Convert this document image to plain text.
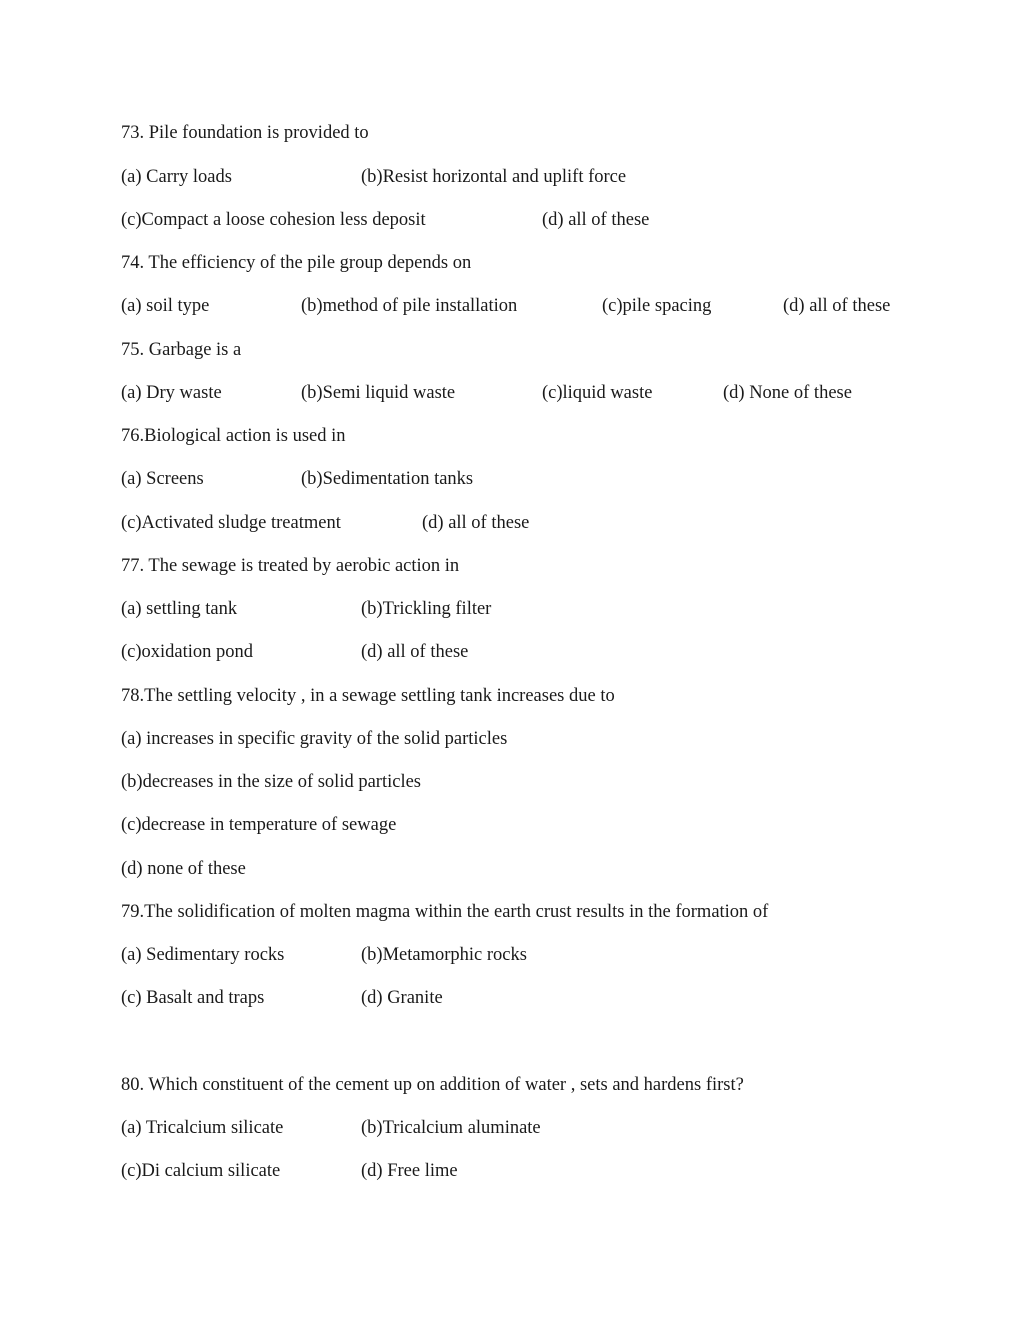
73. Pile foundation is provided to
(a) Carry loads	(b)Resist horizontal and uplift force
(c)Compact a loose cohesion less deposit	(d) all of these
74. The efficiency of the pile group depends on
(a) soil type	(b)method of pile installation	(c)pile spacing	(d) all of these
75. Garbage is a
(a) Dry waste	(b)Semi liquid waste	(c)liquid waste	(d) None of these
76.Biological action is used in
(a) Screens	(b)Sedimentation tanks
(c)Activated sludge treatment	(d) all of these
77. The sewage is treated by aerobic action in
(a) settling tank	(b)Trickling filter
(c)oxidation pond	(d) all of these
78.The settling velocity , in a sewage settling tank increases due to
(a) increases in specific gravity of the solid particles
(b)decreases in the size of solid particles
(c)decrease in temperature of sewage
(d) none of these
79.The solidification of molten magma within the earth crust results in the formation of
(a) Sedimentary rocks	(b)Metamorphic rocks
(c) Basalt and traps	(d) Granite
80. Which constituent of the cement up on addition of water , sets and hardens first?
(a) Tricalcium silicate	(b)Tricalcium aluminate
(c)Di calcium silicate	(d) Free lime
